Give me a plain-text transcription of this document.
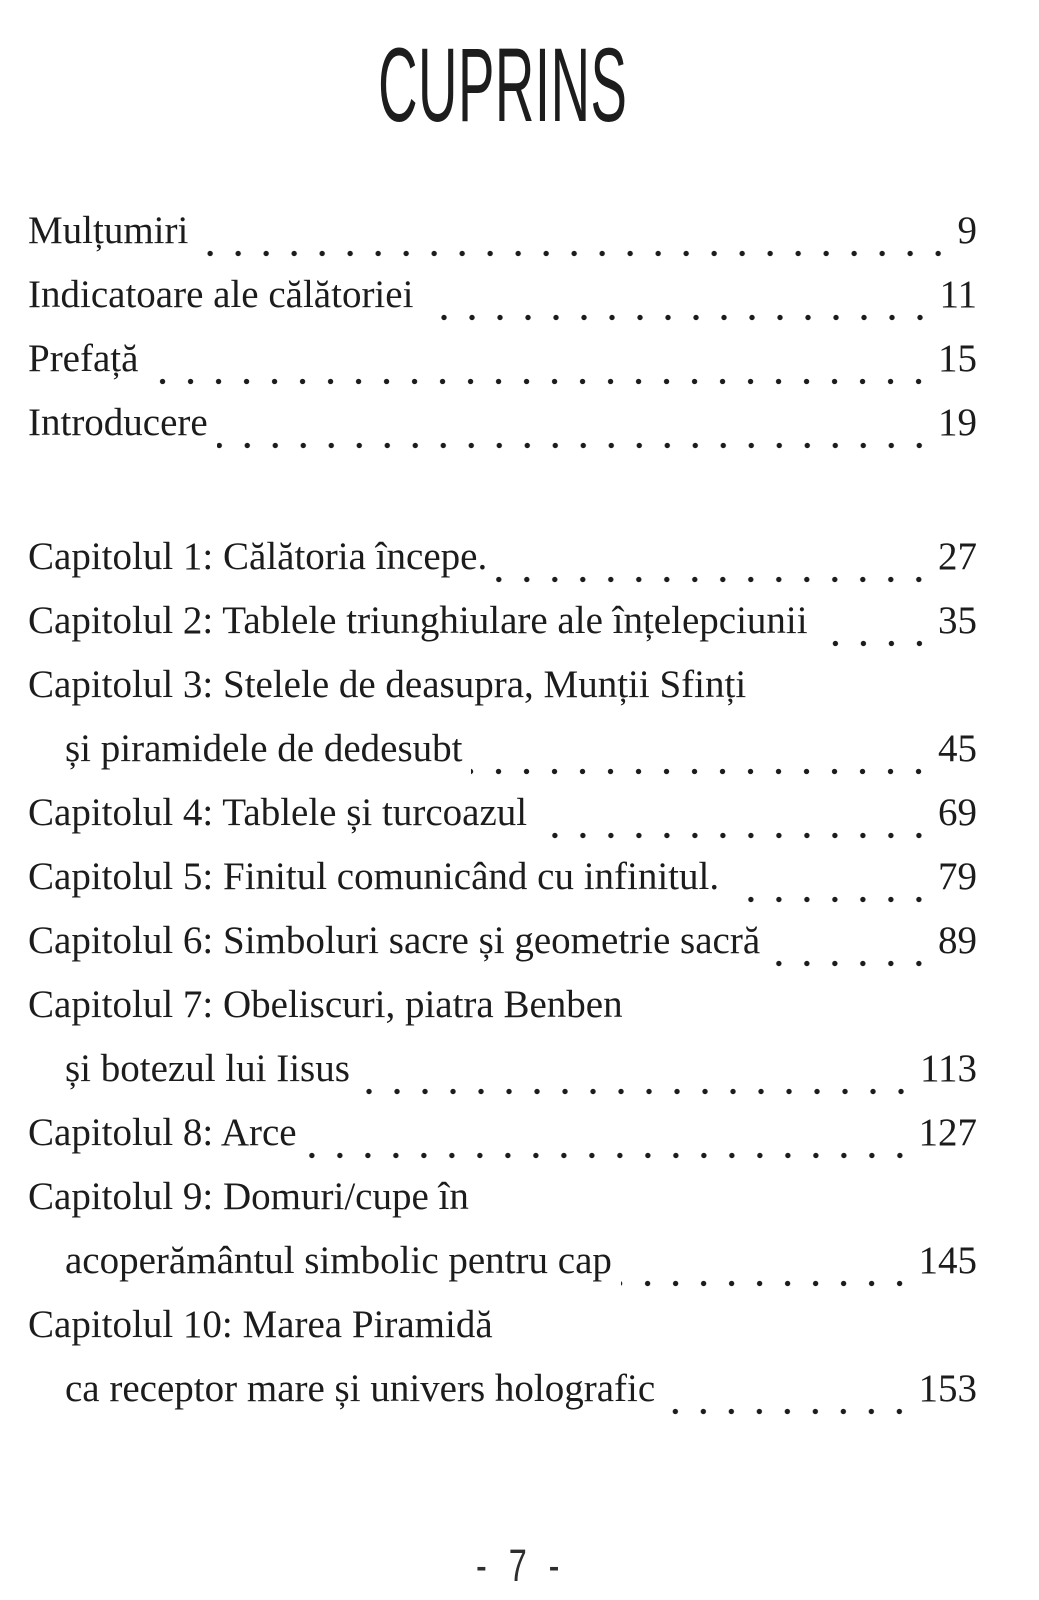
CUPRINS
Mulțumiri	9
Indicatoare ale călătoriei	11
Prefață	15
Introducere	19
Capitolul 1: Călătoria începe.	27
Capitolul 2: Tablele triunghiulare ale înțelepciunii	35
Capitolul 3: Stelele de deasupra, Munții Sfinți
și piramidele de dedesubt	45
Capitolul 4: Tablele și turcoazul	69
Capitolul 5: Finitul comunicând cu infinitul.	79
Capitolul 6: Simboluri sacre și geometrie sacră	89
Capitolul 7: Obeliscuri, piatra Benben
și botezul lui Iisus	113
Capitolul 8: Arce	127
Capitolul 9: Domuri/cupe în
acoperământul simbolic pentru cap	145
Capitolul 10: Marea Piramidă
ca receptor mare și univers holografic	153
- 7 -
